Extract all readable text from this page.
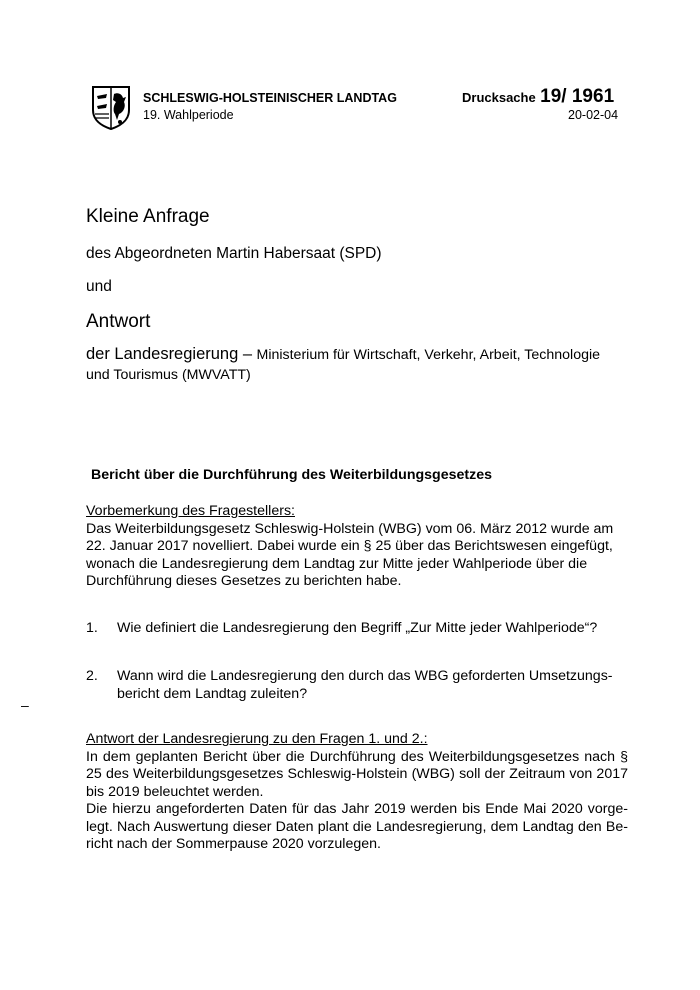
SCHLESWIG-HOLSTEINISCHER LANDTAG
19. Wahlperiode
Drucksache 19/ 1961
20-02-04
Kleine Anfrage
des Abgeordneten Martin Habersaat (SPD)
und
Antwort
der Landesregierung – Ministerium für Wirtschaft, Verkehr, Arbeit, Technologie und Tourismus (MWVATT)
Bericht über die Durchführung des Weiterbildungsgesetzes
Vorbemerkung des Fragestellers:
Das Weiterbildungsgesetz Schleswig-Holstein (WBG) vom 06. März 2012 wurde am 22. Januar 2017 novelliert. Dabei wurde ein § 25 über das Berichtswesen eingefügt, wonach die Landesregierung dem Landtag zur Mitte jeder Wahlperiode über die Durchführung dieses Gesetzes zu berichten habe.
1. Wie definiert die Landesregierung den Begriff „Zur Mitte jeder Wahlperiode“?
2. Wann wird die Landesregierung den durch das WBG geforderten Umsetzungsbericht dem Landtag zuleiten?
–
Antwort der Landesregierung zu den Fragen 1. und 2.:
In dem geplanten Bericht über die Durchführung des Weiterbildungsgesetzes nach § 25 des Weiterbildungsgesetzes Schleswig-Holstein (WBG) soll der Zeitraum von 2017 bis 2019 beleuchtet werden.
Die hierzu angeforderten Daten für das Jahr 2019 werden bis Ende Mai 2020 vorgelegt. Nach Auswertung dieser Daten plant die Landesregierung, dem Landtag den Bericht nach der Sommerpause 2020 vorzulegen.
